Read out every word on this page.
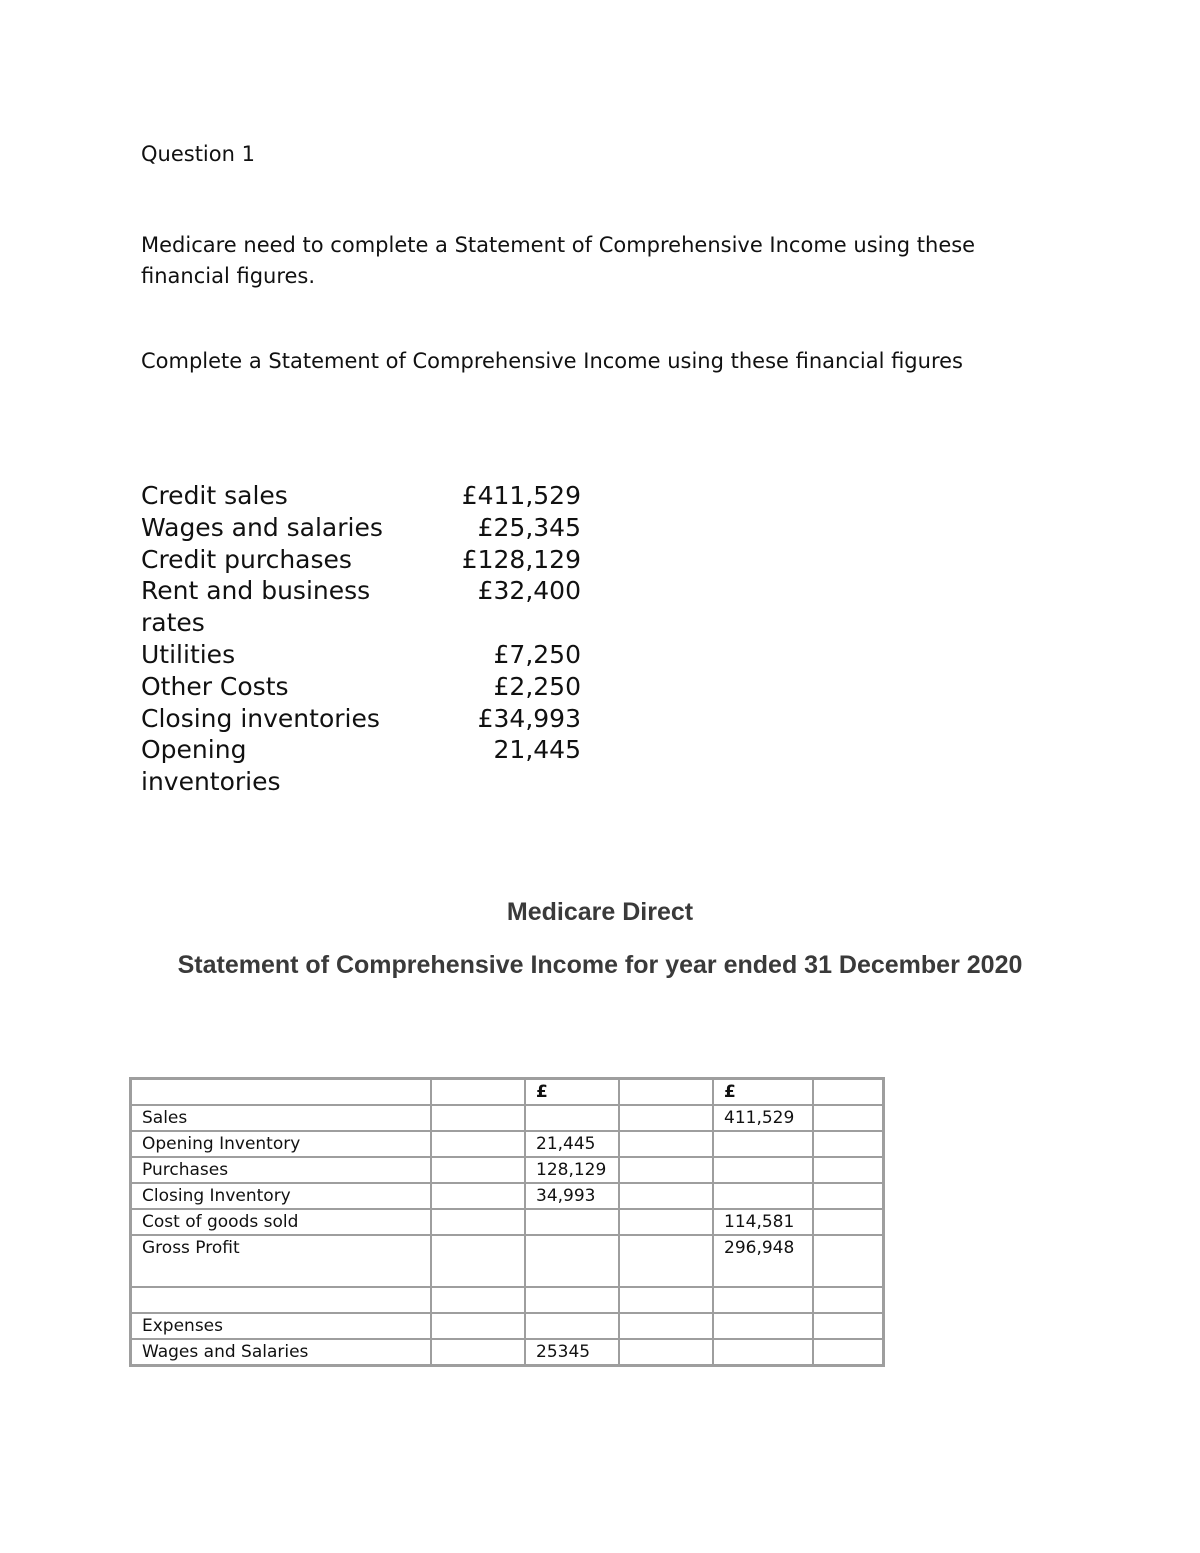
Question 1
Medicare need to complete a Statement of Comprehensive Income using these financial figures.
Complete a Statement of Comprehensive Income using these financial figures
Credit sales	£411,529
Wages and salaries	£25,345
Credit purchases	£128,129
Rent and business rates	£32,400
Utilities	£7,250
Other Costs	£2,250
Closing inventories	£34,993
Opening inventories	21,445
Medicare Direct
Statement of Comprehensive Income for year ended 31 December 2020
		£		£	
Sales				411,529	
Opening Inventory		21,445			
Purchases		128,129			
Closing Inventory		34,993			
Cost of goods sold				114,581	
Gross Profit				296,948	

Expenses					
Wages and Salaries		25345			
